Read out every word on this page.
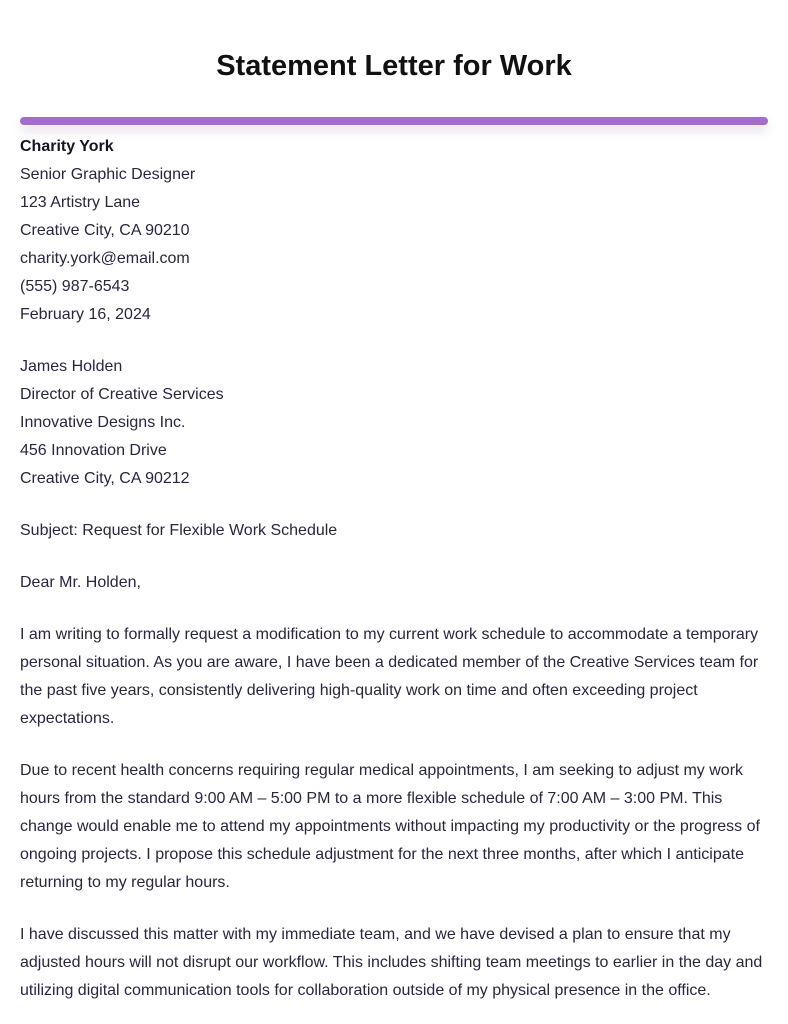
Statement Letter for Work
Charity York
Senior Graphic Designer
123 Artistry Lane
Creative City, CA 90210
charity.york@email.com
(555) 987-6543
February 16, 2024
James Holden
Director of Creative Services
Innovative Designs Inc.
456 Innovation Drive
Creative City, CA 90212

Subject: Request for Flexible Work Schedule

Dear Mr. Holden,

I am writing to formally request a modification to my current work schedule to accommodate a temporary personal situation. As you are aware, I have been a dedicated member of the Creative Services team for the past five years, consistently delivering high-quality work on time and often exceeding project expectations.

Due to recent health concerns requiring regular medical appointments, I am seeking to adjust my work hours from the standard 9:00 AM – 5:00 PM to a more flexible schedule of 7:00 AM – 3:00 PM. This change would enable me to attend my appointments without impacting my productivity or the progress of ongoing projects. I propose this schedule adjustment for the next three months, after which I anticipate returning to my regular hours.

I have discussed this matter with my immediate team, and we have devised a plan to ensure that my adjusted hours will not disrupt our workflow. This includes shifting team meetings to earlier in the day and utilizing digital communication tools for collaboration outside of my physical presence in the office.
